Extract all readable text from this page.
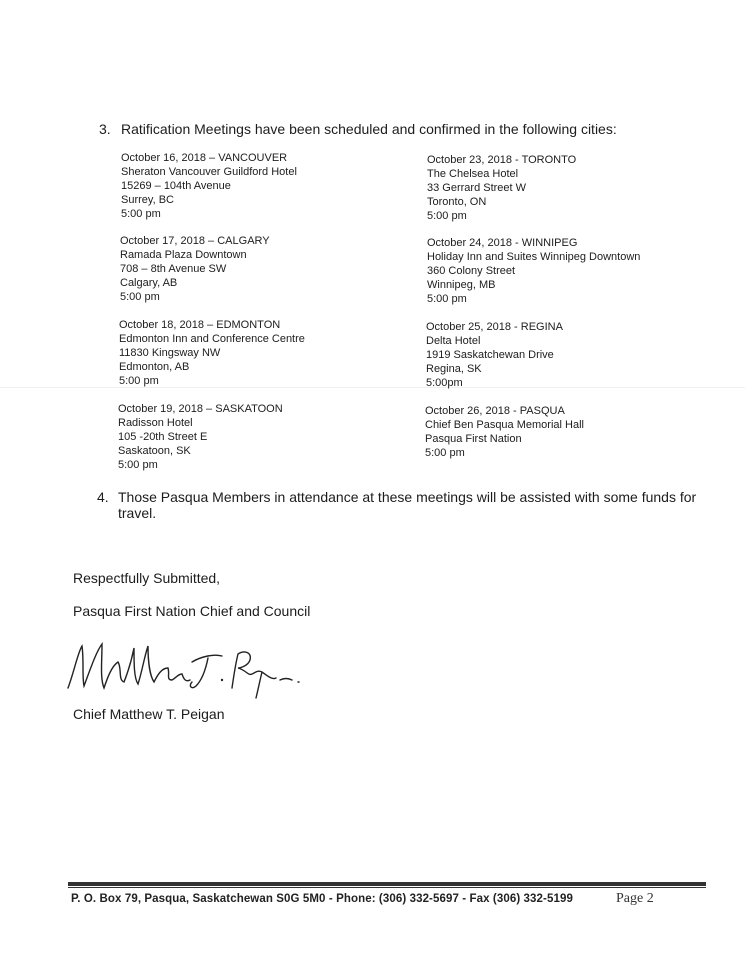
3. Ratification Meetings have been scheduled and confirmed in the following cities:
October 16, 2018 – VANCOUVER
Sheraton Vancouver Guildford Hotel
15269 – 104th Avenue
Surrey, BC
5:00 pm
October 17, 2018 – CALGARY
Ramada Plaza Downtown
708 – 8th Avenue SW
Calgary, AB
5:00 pm
October 18, 2018 – EDMONTON
Edmonton Inn and Conference Centre
11830 Kingsway NW
Edmonton, AB
5:00 pm
October 19, 2018 – SASKATOON
Radisson Hotel
105 -20th Street E
Saskatoon, SK
5:00 pm
October 23, 2018 - TORONTO
The Chelsea Hotel
33 Gerrard Street W
Toronto, ON
5:00 pm
October 24, 2018 - WINNIPEG
Holiday Inn and Suites Winnipeg Downtown
360 Colony Street
Winnipeg, MB
5:00 pm
October 25, 2018 - REGINA
Delta Hotel
1919 Saskatchewan Drive
Regina, SK
5:00pm
October 26, 2018 - PASQUA
Chief Ben Pasqua Memorial Hall
Pasqua First Nation
5:00 pm
4. Those Pasqua Members in attendance at these meetings will be assisted with some funds for travel.
Respectfully Submitted,
Pasqua First Nation Chief and Council
Chief Matthew T. Peigan
P. O. Box 79, Pasqua, Saskatchewan S0G 5M0 - Phone: (306) 332-5697 - Fax (306) 332-5199	Page 2
